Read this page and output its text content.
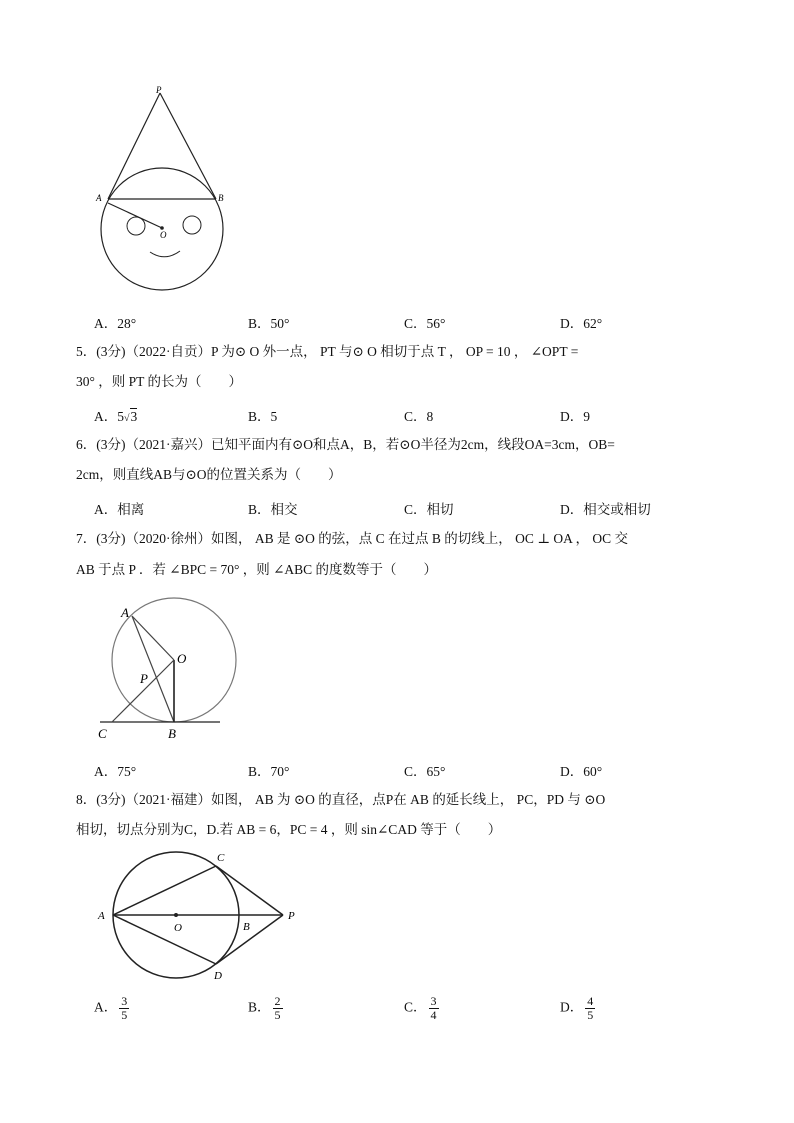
P
A	B
O
A．28°	B．50°	C．56°	D．62°
5．(3分)（2022·自贡）P 为⊙ O 外一点， PT 与⊙ O 相切于点 T ， OP = 10 ， ∠OPT =
30° ，则 PT 的长为（　　）
A．5√3	B．5	C．8	D．9
6．(3分)（2021·嘉兴）已知平面内有⊙O和点A，B，若⊙O半径为2cm，线段OA=3cm，OB=
2cm，则直线AB与⊙O的位置关系为（　　）
A．相离	B．相交	C．相切	D．相交或相切
7．(3分)（2020·徐州）如图， AB 是 ⊙O 的弦，点 C 在过点 B 的切线上， OC ⊥ OA ， OC 交
AB 于点 P ．若 ∠BPC = 70° ，则 ∠ABC 的度数等于（　　）
A
O
P
C	B
A．75°	B．70°	C．65°	D．60°
8．(3分)（2021·福建）如图， AB 为 ⊙O 的直径，点P在 AB 的延长线上， PC，PD 与 ⊙O
相切，切点分别为C，D.若 AB = 6，PC = 4 ，则 sin∠CAD 等于（　　）
A
O	B
P
C
D
A． $\frac{3}{5}$	B． $\frac{2}{5}$	C． $\frac{3}{4}$	D． $\frac{4}{5}$
